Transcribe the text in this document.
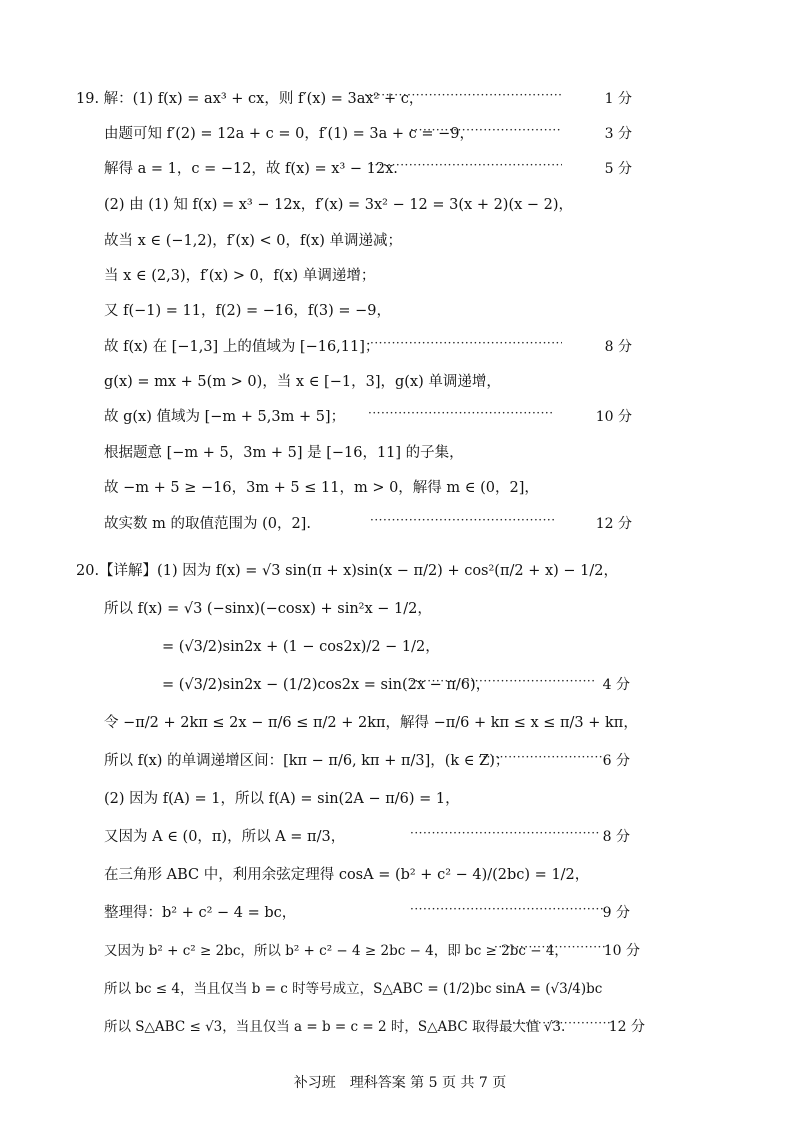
19. 解：(1) f(x) = ax³ + cx，则 f′(x) = 3ax² + c， ·····	1 分
由题可知 f′(2) = 12a + c = 0，f′(1) = 3a + c = −9， ·····	3 分
解得 a = 1，c = −12，故 f(x) = x³ − 12x. ·····	5 分
(2) 由 (1) 知 f(x) = x³ − 12x，f′(x) = 3x² − 12 = 3(x + 2)(x − 2)，
故当 x ∈ (−1,2)，f′(x) < 0，f(x) 单调递减；
当 x ∈ (2,3)，f′(x) > 0，f(x) 单调递增；
又 f(−1) = 11，f(2) = −16，f(3) = −9，
故 f(x) 在 [−1,3] 上的值域为 [−16,11]； ·····	8 分
g(x) = mx + 5(m > 0)，当 x ∈ [−1，3]，g(x) 单调递增，
故 g(x) 值域为 [−m + 5,3m + 5]； ·····	10 分
根据题意 [−m + 5，3m + 5] 是 [−16，11] 的子集，
故 −m + 5 ≥ −16，3m + 5 ≤ 11，m > 0，解得 m ∈ (0，2]，
故实数 m 的取值范围为 (0，2]. ·····	12 分
20.【详解】(1) 因为 f(x) = √3 sin(π + x)sin(x − π/2) + cos²(π/2 + x) − 1/2，
所以 f(x) = √3 (−sinx)(−cosx) + sin²x − 1/2，
= (√3/2)sin2x + (1 − cos2x)/2 − 1/2，
= (√3/2)sin2x − (1/2)cos2x = sin(2x − π/6)， ·····	4 分
令 −π/2 + 2kπ ≤ 2x − π/6 ≤ π/2 + 2kπ，解得 −π/6 + kπ ≤ x ≤ π/3 + kπ，
所以 f(x) 的单调递增区间：[kπ − π/6, kπ + π/3]，(k ∈ Z)； ·····	6 分
(2) 因为 f(A) = 1，所以 f(A) = sin(2A − π/6) = 1，
又因为 A ∈ (0，π)，所以 A = π/3， ·····	8 分
在三角形 ABC 中，利用余弦定理得 cosA = (b² + c² − 4)/(2bc) = 1/2，
整理得：b² + c² − 4 = bc， ·····	9 分
又因为 b² + c² ≥ 2bc，所以 b² + c² − 4 ≥ 2bc − 4，即 bc ≥ 2bc − 4， ·····	10 分
所以 bc ≤ 4，当且仅当 b = c 时等号成立，S△ABC = (1/2)bc sinA = (√3/4)bc
所以 S△ABC ≤ √3，当且仅当 a = b = c = 2 时，S△ABC 取得最大值 √3. ·····	12 分
补习班　理科答案 第 5 页 共 7 页
